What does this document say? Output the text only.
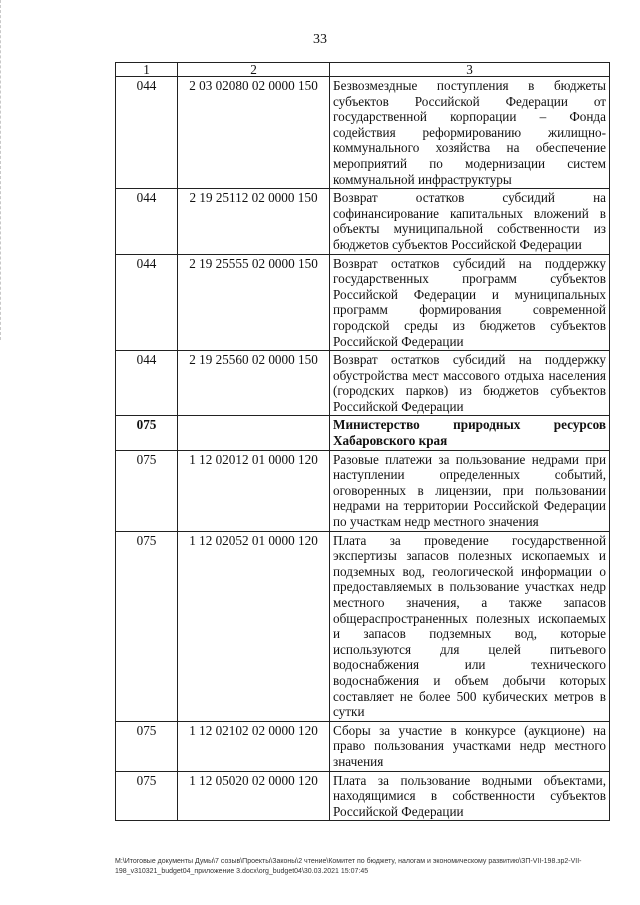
33
1	2	3
044	2 03 02080 02 0000 150	Безвозмездные поступления в бюджеты субъектов Российской Федерации от государственной корпорации – Фонда содействия реформированию жилищно-коммунального хозяйства на обеспечение мероприятий по модернизации систем коммунальной инфраструктуры
044	2 19 25112 02 0000 150	Возврат остатков субсидий на софинансирование капитальных вложений в объекты муниципальной собственности из бюджетов субъектов Российской Федерации
044	2 19 25555 02 0000 150	Возврат остатков субсидий на поддержку государственных программ субъектов Российской Федерации и муниципальных программ формирования современной городской среды из бюджетов субъектов Российской Федерации
044	2 19 25560 02 0000 150	Возврат остатков субсидий на поддержку обустройства мест массового отдыха населения (городских парков) из бюджетов субъектов Российской Федерации
075		Министерство природных ресурсов Хабаровского края
075	1 12 02012 01 0000 120	Разовые платежи за пользование недрами при наступлении определенных событий, оговоренных в лицензии, при пользовании недрами на территории Российской Федерации по участкам недр местного значения
075	1 12 02052 01 0000 120	Плата за проведение государственной экспертизы запасов полезных ископаемых и подземных вод, геологической информации о предоставляемых в пользование участках недр местного значения, а также запасов общераспространенных полезных ископаемых и запасов подземных вод, которые используются для целей питьевого водоснабжения или технического водоснабжения и объем добычи которых составляет не более 500 кубических метров в сутки
075	1 12 02102 02 0000 120	Сборы за участие в конкурсе (аукционе) на право пользования участками недр местного значения
075	1 12 05020 02 0000 120	Плата за пользование водными объектами, находящимися в собственности субъектов Российской Федерации
M:\Итоговые документы Думы\7 созыв\Проекты\Законы\2 чтение\Комитет по бюджету, налогам и экономическому развитию\ЗП-VII-198.зр2-VII-
198_v310321_budget04_приложение 3.docx\org_budget04\30.03.2021 15:07:45
